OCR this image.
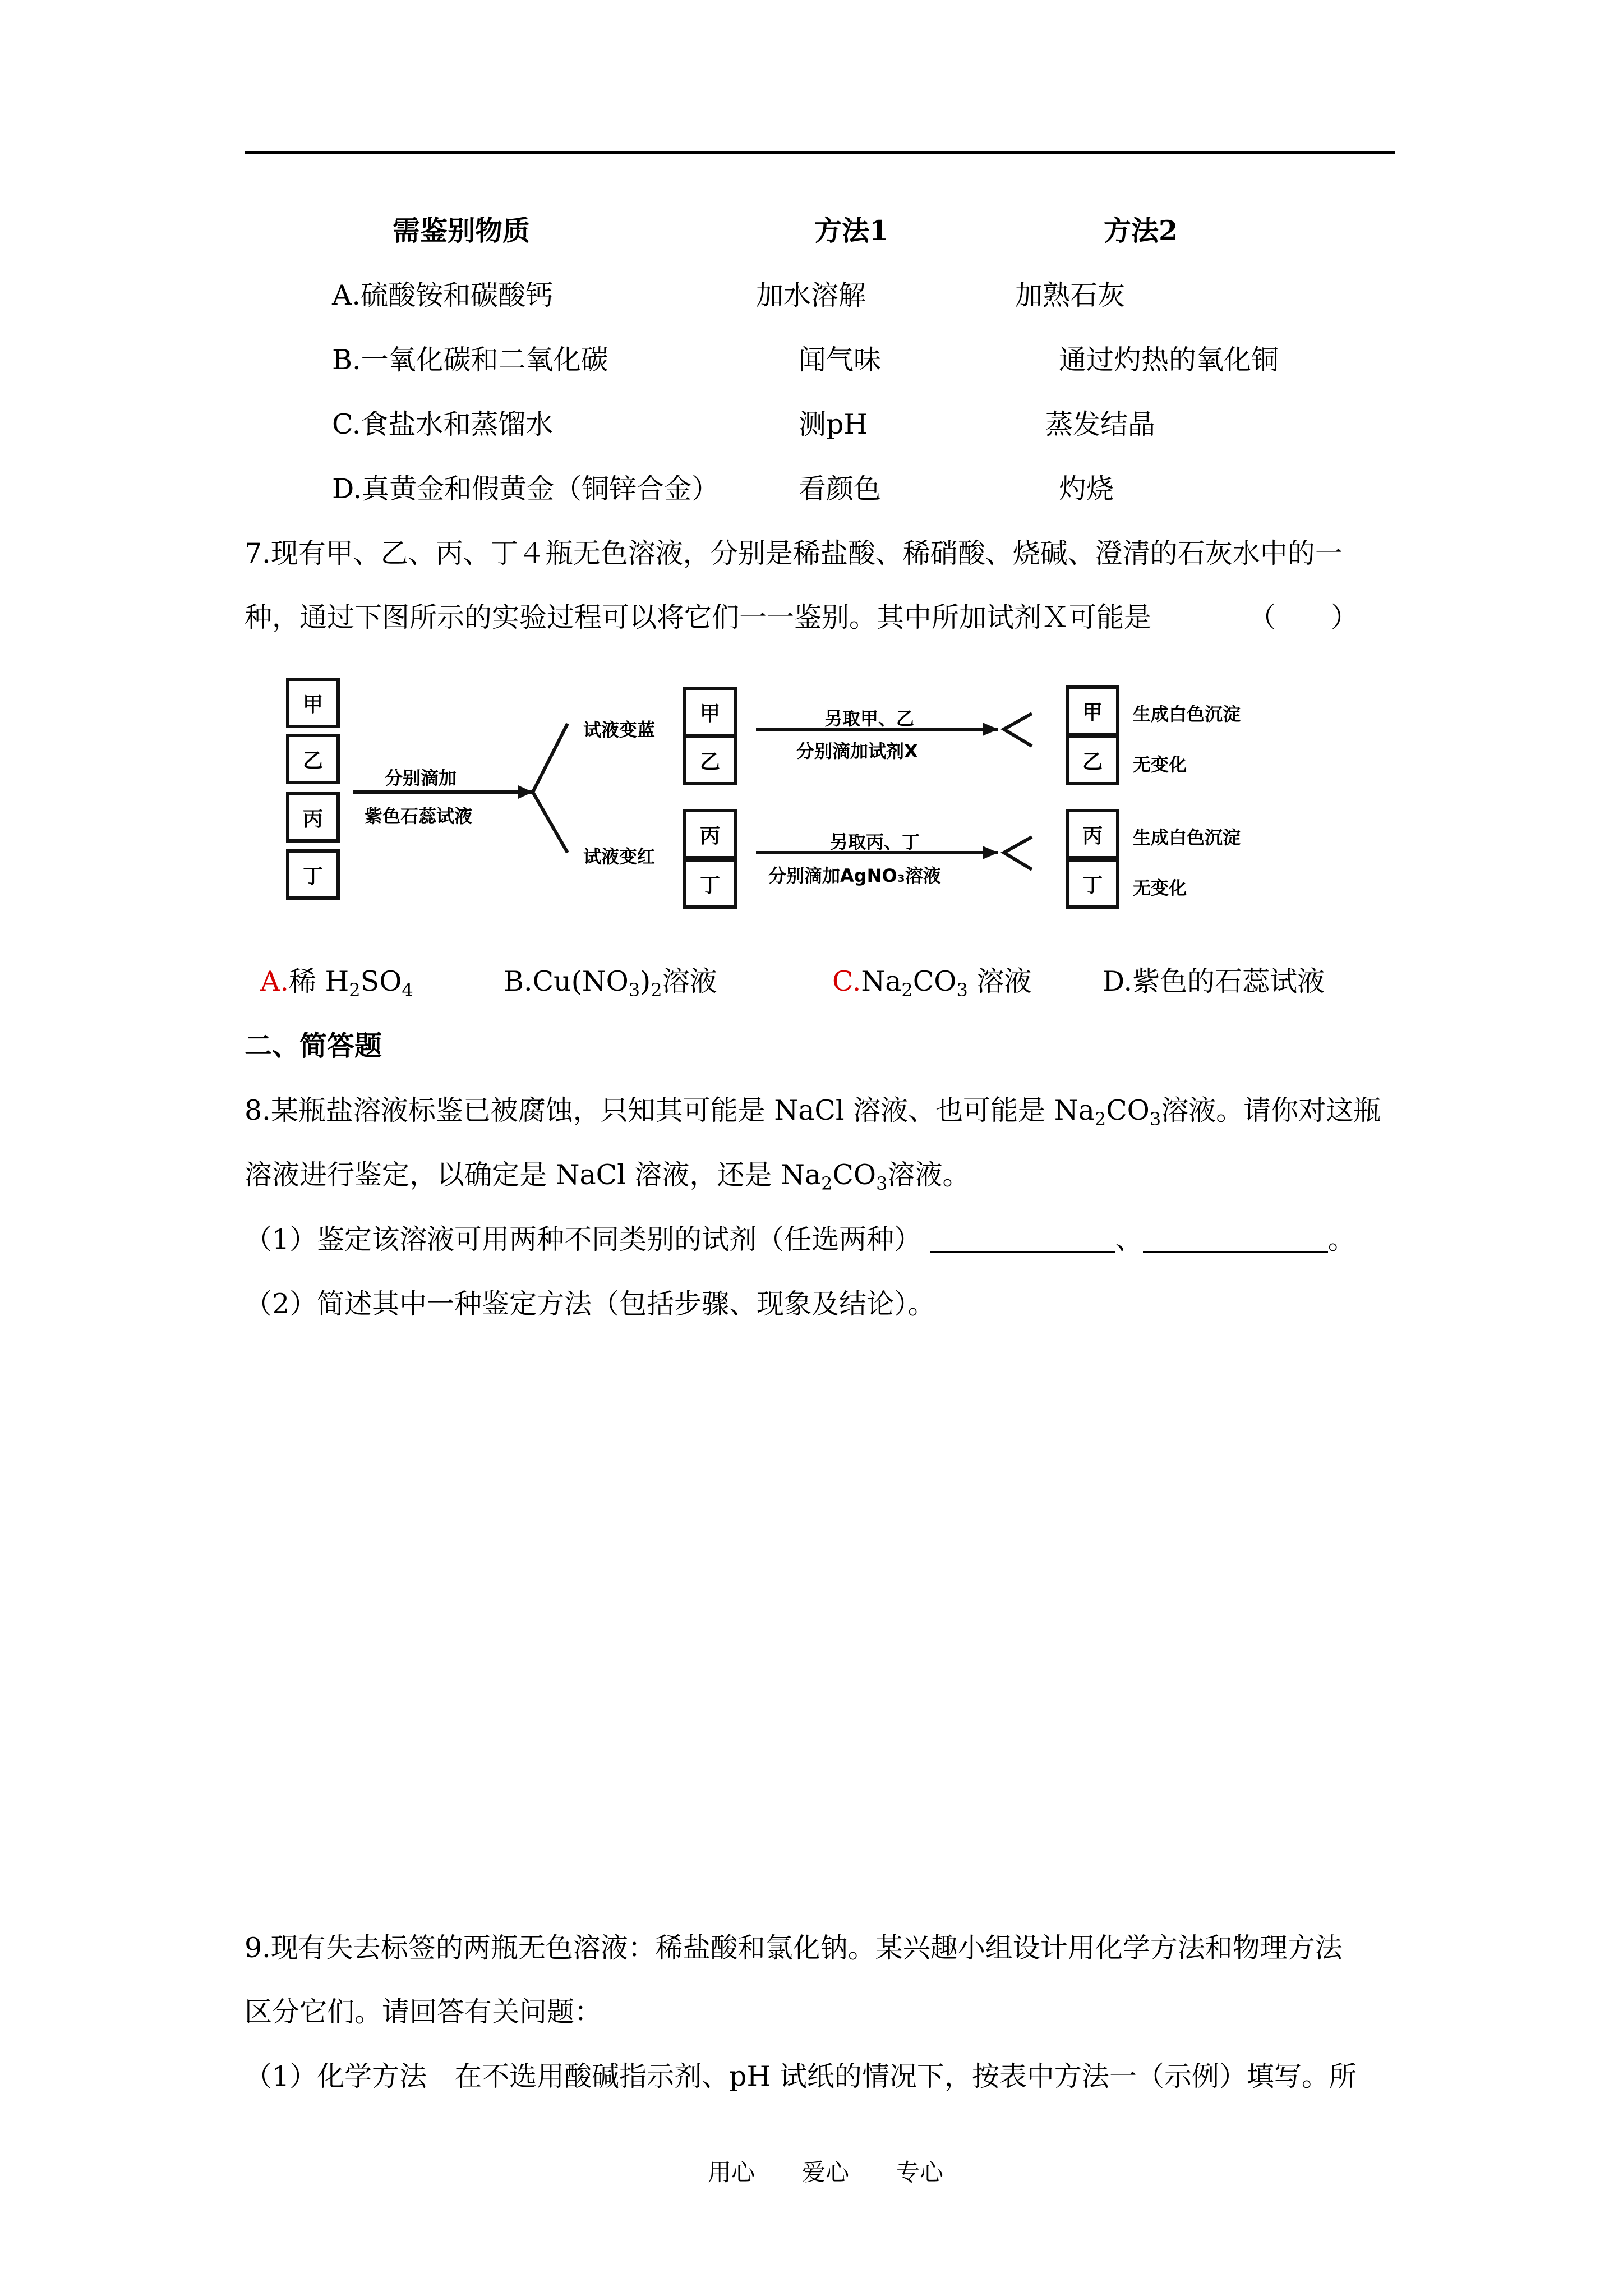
需鉴别物质	方法1	方法2
A.硫酸铵和碳酸钙	加水溶解	加熟石灰
B.一氧化碳和二氧化碳	闻气味	通过灼热的氧化铜
C.食盐水和蒸馏水	测pH	蒸发结晶
D.真黄金和假黄金（铜锌合金）	看颜色	灼烧
7.现有甲、乙、丙、丁４瓶无色溶液，分别是稀盐酸、稀硝酸、烧碱、澄清的石灰水中的一
种，通过下图所示的实验过程可以将它们一一鉴别。其中所加试剂Ｘ可能是	（　　）
甲
乙
丙
丁
分别滴加
紫色石蕊试液
试液变蓝
试液变红
甲
乙
丙
丁
另取甲、乙
分别滴加试剂X
另取丙、丁
分别滴加AgNO₃溶液
甲
乙
丙
丁
生成白色沉淀
无变化
生成白色沉淀
无变化
A.稀 $H_2SO_4$	$B.Cu(NO_3)_2$溶液	$C.Na_2CO_3$ 溶液	D.紫色的石蕊试液
二、简答题
8.某瓶盐溶液标鉴已被腐蚀，只知其可能是 NaCl 溶液、也可能是 $Na_2CO_3$溶液。请你对这瓶
溶液进行鉴定，以确定是 NaCl 溶液，还是 $Na_2CO_3$溶液。
（1）鉴定该溶液可用两种不同类别的试剂（任选两种）	、	。
（2）简述其中一种鉴定方法（包括步骤、现象及结论）。
9.现有失去标签的两瓶无色溶液：稀盐酸和氯化钠。某兴趣小组设计用化学方法和物理方法
区分它们。请回答有关问题：
（1）化学方法　在不选用酸碱指示剂、pH 试纸的情况下，按表中方法一（示例）填写。所
用心　　爱心　　专心
